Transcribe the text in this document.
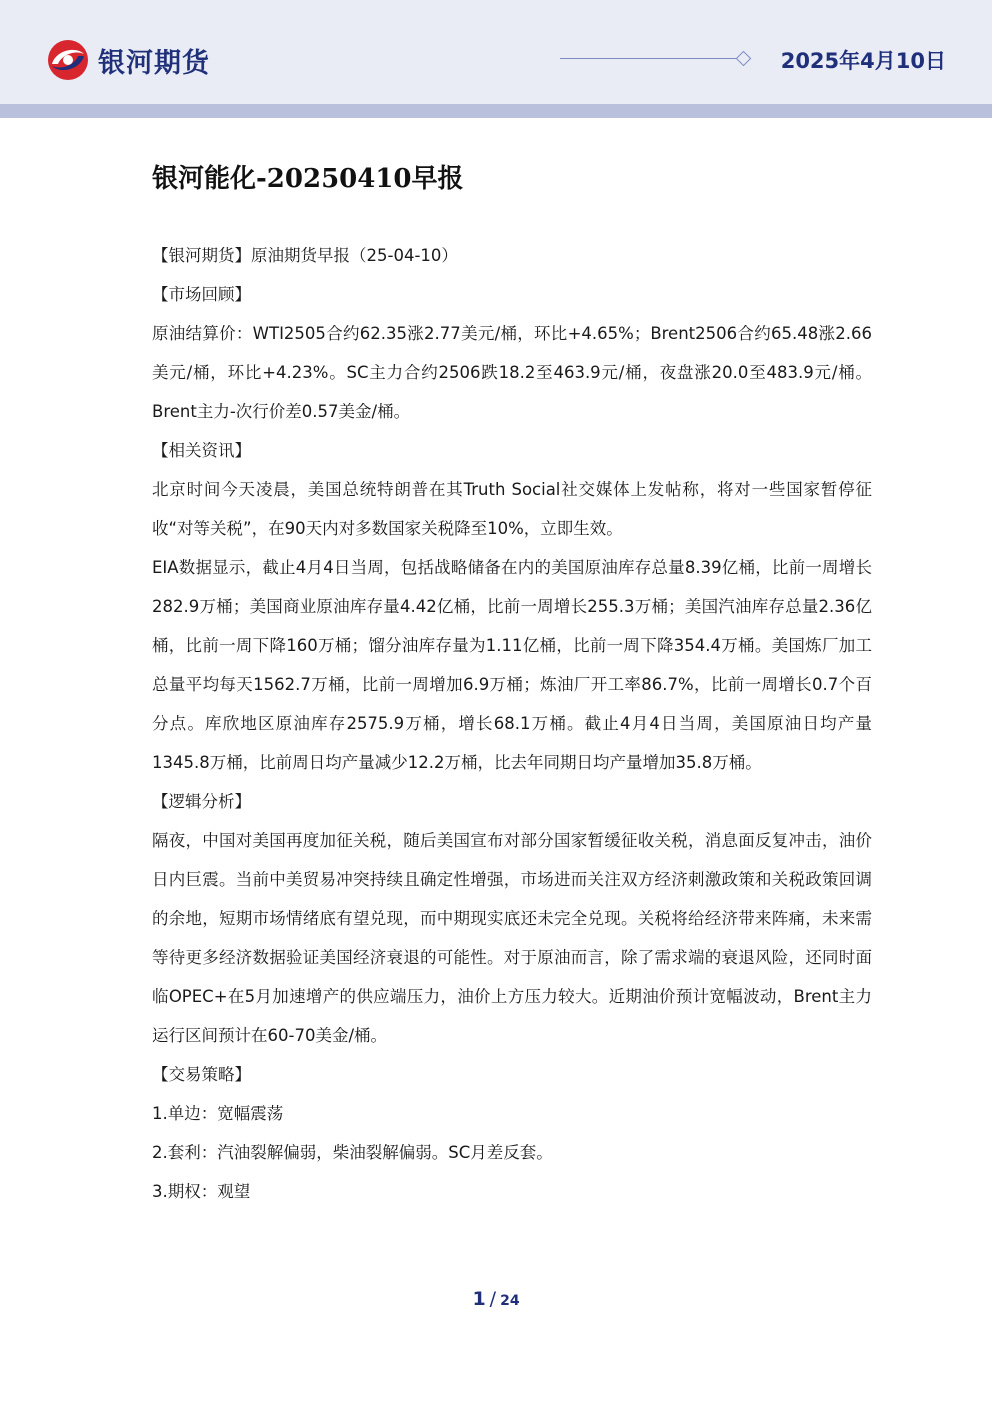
银河期货	2025年4月10日
银河能化-20250410早报

【银河期货】原油期货早报（25-04-10）

【市场回顾】

原油结算价：WTI2505合约62.35涨2.77美元/桶，环比+4.65%；Brent2506合约65.48涨2.66美元/桶，环比+4.23%。SC主力合约2506跌18.2至463.9元/桶，夜盘涨20.0至483.9元/桶。Brent主力-次行价差0.57美金/桶。

【相关资讯】

北京时间今天凌晨，美国总统特朗普在其Truth Social社交媒体上发帖称，将对一些国家暂停征收“对等关税”，在90天内对多数国家关税降至10%，立即生效。

EIA数据显示，截止4月4日当周，包括战略储备在内的美国原油库存总量8.39亿桶，比前一周增长282.9万桶；美国商业原油库存量4.42亿桶，比前一周增长255.3万桶；美国汽油库存总量2.36亿桶，比前一周下降160万桶；馏分油库存量为1.11亿桶，比前一周下降354.4万桶。美国炼厂加工总量平均每天1562.7万桶，比前一周增加6.9万桶；炼油厂开工率86.7%，比前一周增长0.7个百分点。库欣地区原油库存2575.9万桶，增长68.1万桶。截止4月4日当周，美国原油日均产量1345.8万桶，比前周日均产量减少12.2万桶，比去年同期日均产量增加35.8万桶。

【逻辑分析】

隔夜，中国对美国再度加征关税，随后美国宣布对部分国家暂缓征收关税，消息面反复冲击，油价日内巨震。当前中美贸易冲突持续且确定性增强，市场进而关注双方经济刺激政策和关税政策回调的余地，短期市场情绪底有望兑现，而中期现实底还未完全兑现。关税将给经济带来阵痛，未来需等待更多经济数据验证美国经济衰退的可能性。对于原油而言，除了需求端的衰退风险，还同时面临OPEC+在5月加速增产的供应端压力，油价上方压力较大。近期油价预计宽幅波动，Brent主力运行区间预计在60-70美金/桶。

【交易策略】

1.单边：宽幅震荡

2.套利：汽油裂解偏弱，柴油裂解偏弱。SC月差反套。

3.期权：观望

1 / 24
